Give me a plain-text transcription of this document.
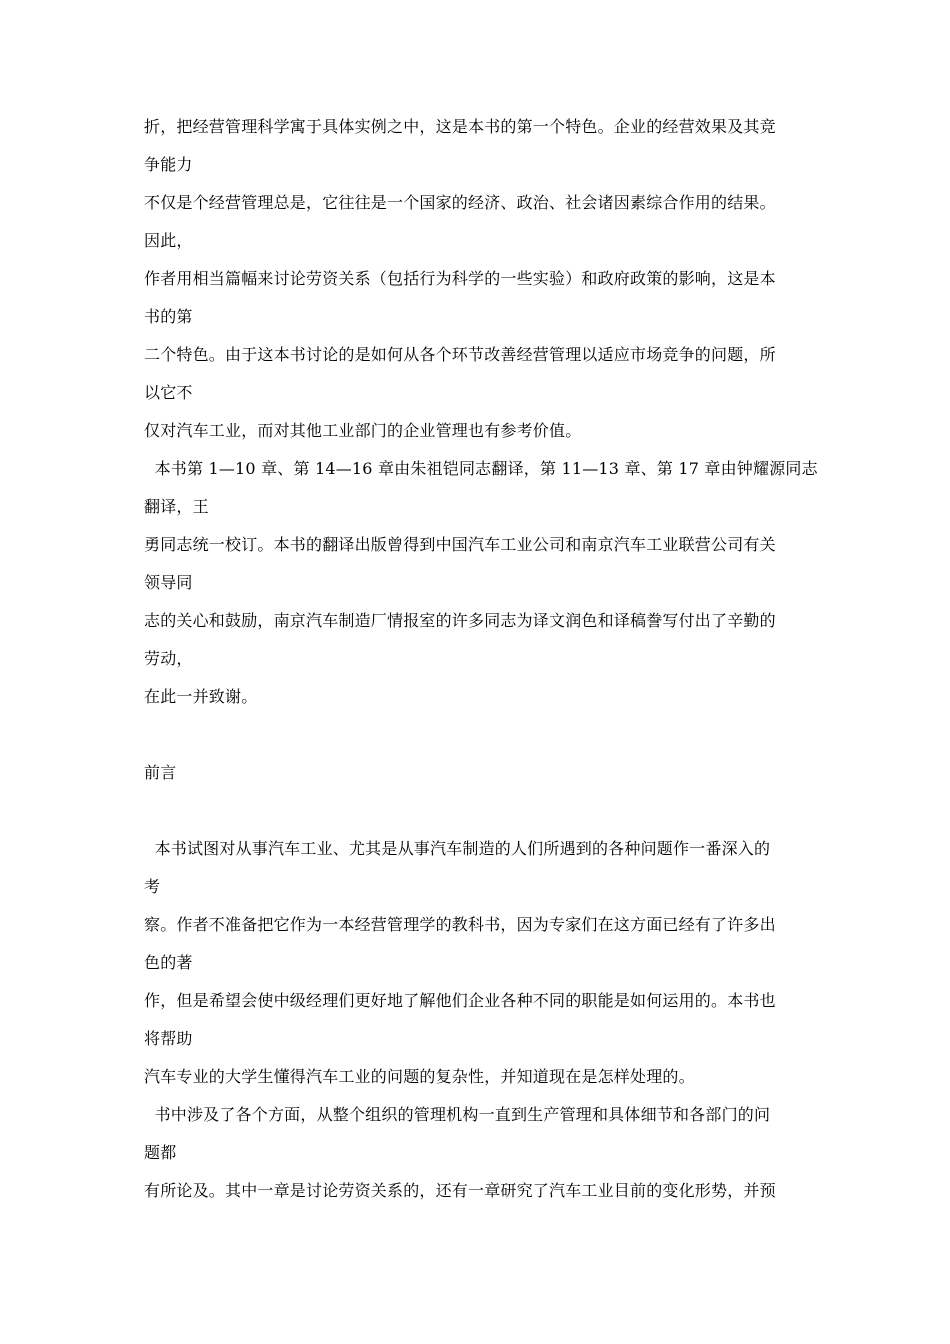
折，把经营管理科学寓于具体实例之中，这是本书的第一个特色。企业的经营效果及其竞
争能力
不仅是个经营管理总是，它往往是一个国家的经济、政治、社会诸因素综合作用的结果。
因此，
作者用相当篇幅来讨论劳资关系（包括行为科学的一些实验）和政府政策的影响，这是本
书的第
二个特色。由于这本书讨论的是如何从各个环节改善经营管理以适应市场竞争的问题，所
以它不
仅对汽车工业，而对其他工业部门的企业管理也有参考价值。
本书第 1—10 章、第 14—16 章由朱祖铠同志翻译，第 11—13 章、第 17 章由钟耀源同志
翻译，王
勇同志统一校订。本书的翻译出版曾得到中国汽车工业公司和南京汽车工业联营公司有关
领导同
志的关心和鼓励，南京汽车制造厂情报室的许多同志为译文润色和译稿誊写付出了辛勤的
劳动，
在此一并致谢。
前言
本书试图对从事汽车工业、尤其是从事汽车制造的人们所遇到的各种问题作一番深入的
考
察。作者不准备把它作为一本经营管理学的教科书，因为专家们在这方面已经有了许多出
色的著
作，但是希望会使中级经理们更好地了解他们企业各种不同的职能是如何运用的。本书也
将帮助
汽车专业的大学生懂得汽车工业的问题的复杂性，并知道现在是怎样处理的。
书中涉及了各个方面，从整个组织的管理机构一直到生产管理和具体细节和各部门的问
题都
有所论及。其中一章是讨论劳资关系的，还有一章研究了汽车工业目前的变化形势，并预
